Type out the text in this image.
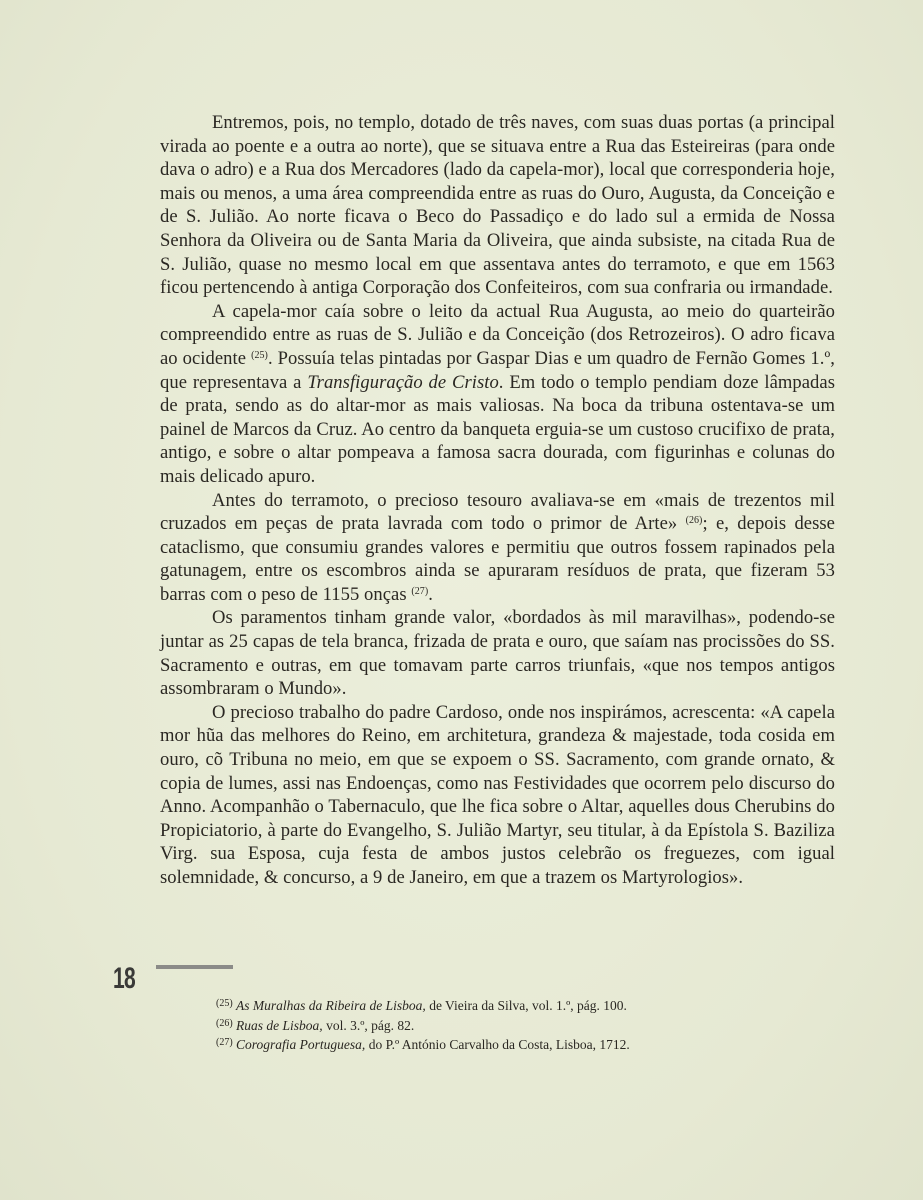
Entremos, pois, no templo, dotado de três naves, com suas duas portas (a principal virada ao poente e a outra ao norte), que se situava entre a Rua das Esteireiras (para onde dava o adro) e a Rua dos Mercadores (lado da capela-mor), local que corresponderia hoje, mais ou menos, a uma área compreendida entre as ruas do Ouro, Augusta, da Conceição e de S. Julião. Ao norte ficava o Beco do Passadiço e do lado sul a ermida de Nossa Senhora da Oliveira ou de Santa Maria da Oliveira, que ainda subsiste, na citada Rua de S. Julião, quase no mesmo local em que assentava antes do terramoto, e que em 1563 ficou pertencendo à antiga Corporação dos Confeiteiros, com sua confraria ou irmandade.

A capela-mor caía sobre o leito da actual Rua Augusta, ao meio do quarteirão compreendido entre as ruas de S. Julião e da Conceição (dos Retrozeiros). O adro ficava ao ocidente $^{(25)}$. Possuía telas pintadas por Gaspar Dias e um quadro de Fernão Gomes 1.º, que representava a Transfiguração de Cristo. Em todo o templo pendiam doze lâmpadas de prata, sendo as do altar-mor as mais valiosas. Na boca da tribuna ostentava-se um painel de Marcos da Cruz. Ao centro da banqueta erguia-se um custoso crucifixo de prata, antigo, e sobre o altar pompeava a famosa sacra dourada, com figurinhas e colunas do mais delicado apuro.

Antes do terramoto, o precioso tesouro avaliava-se em «mais de trezentos mil cruzados em peças de prata lavrada com todo o primor de Arte» $^{(26)}$; e, depois desse cataclismo, que consumiu grandes valores e permitiu que outros fossem rapinados pela gatunagem, entre os escombros ainda se apuraram resíduos de prata, que fizeram 53 barras com o peso de 1155 onças $^{(27)}$.

Os paramentos tinham grande valor, «bordados às mil maravilhas», podendo-se juntar as 25 capas de tela branca, frizada de prata e ouro, que saíam nas procissões do SS. Sacramento e outras, em que tomavam parte carros triunfais, «que nos tempos antigos assombraram o Mundo».

O precioso trabalho do padre Cardoso, onde nos inspirámos, acrescenta: «A capela mor hũa das melhores do Reino, em architetura, grandeza & majestade, toda cosida em ouro, cõ Tribuna no meio, em que se expoem o SS. Sacramento, com grande ornato, & copia de lumes, assi nas Endoenças, como nas Festividades que ocorrem pelo discurso do Anno. Acompanhão o Tabernaculo, que lhe fica sobre o Altar, aquelles dous Cherubins do Propiciatorio, à parte do Evangelho, S. Julião Martyr, seu titular, à da Epístola S. Baziliza Virg. sua Esposa, cuja festa de ambos justos celebrão os freguezes, com igual solemnidade, & concurso, a 9 de Janeiro, em que a trazem os Martyrologios».

18
$^{(25)}$ As Muralhas da Ribeira de Lisboa, de Vieira da Silva, vol. 1.º, pág. 100.
$^{(26)}$ Ruas de Lisboa, vol. 3.º, pág. 82.
$^{(27)}$ Corografia Portuguesa, do P.º António Carvalho da Costa, Lisboa, 1712.
